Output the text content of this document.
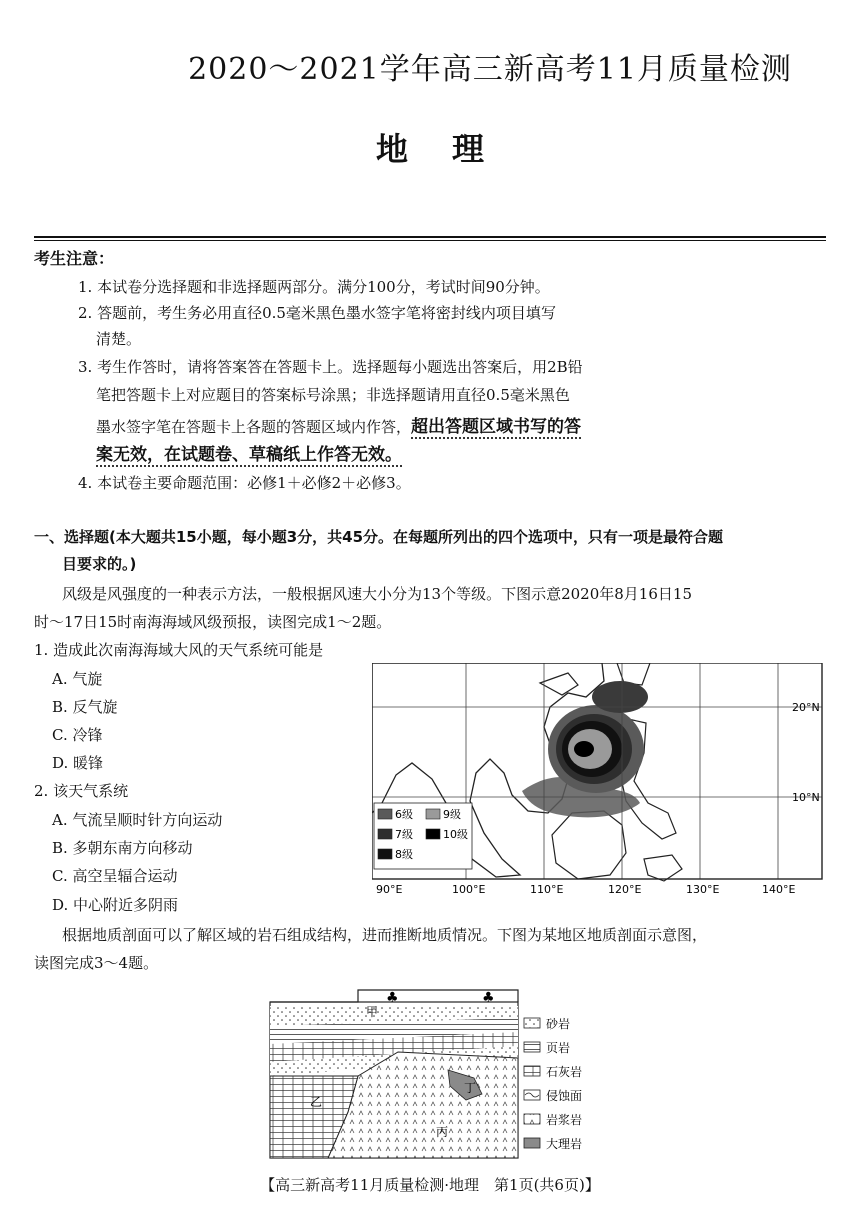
2020～2021学年高三新高考11月质量检测
地理
考生注意：
1. 本试卷分选择题和非选择题两部分。满分100分，考试时间90分钟。
2. 答题前，考生务必用直径0.5毫米黑色墨水签字笔将密封线内项目填写
清楚。
3. 考生作答时，请将答案答在答题卡上。选择题每小题选出答案后，用2B铅
笔把答题卡上对应题目的答案标号涂黑；非选择题请用直径0.5毫米黑色
墨水签字笔在答题卡上各题的答题区域内作答，超出答题区域书写的答
案无效，在试题卷、草稿纸上作答无效。
4. 本试卷主要命题范围：必修1＋必修2＋必修3。
一、选择题(本大题共15小题，每小题3分，共45分。在每题所列出的四个选项中，只有一项是最符合题
目要求的。)
风级是风强度的一种表示方法，一般根据风速大小分为13个等级。下图示意2020年8月16日15
时～17日15时南海海域风级预报，读图完成1～2题。
1. 造成此次南海海域大风的天气系统可能是
A. 气旋
B. 反气旋
C. 冷锋
D. 暖锋
2. 该天气系统
A. 气流呈顺时针方向运动
B. 多朝东南方向移动
C. 高空呈辐合运动
D. 中心附近多阴雨
6级	9级
7级	10级
8级
20°N
10°N
90°E	100°E	110°E	120°E	130°E	140°E
根据地质剖面可以了解区域的岩石组成结构，进而推断地质情况。下图为某地区地质剖面示意图，
读图完成3～4题。
♣	♣
甲
乙
丙
丁
砂岩
页岩
石灰岩
侵蚀面
岩浆岩
大理岩
【高三新高考11月质量检测·地理　第1页(共6页)】
